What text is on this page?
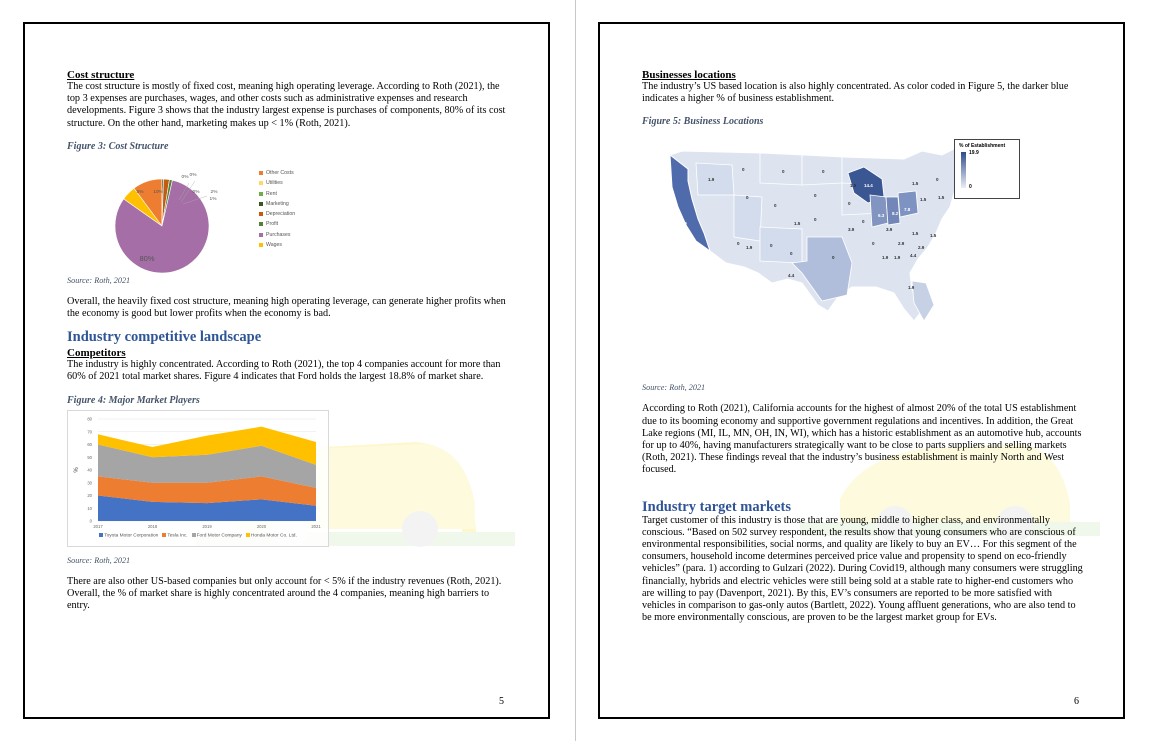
Cost structure

The cost structure is mostly of fixed cost, meaning high operating leverage. According to Roth (2021), the top 3 expenses are purchases, wages, and other costs such as administrative expenses and research developments. Figure 3 shows that the industry largest expense is purchases of components, 80% of its cost structure. On the other hand, marketing makes up < 1% (Roth, 2021).

Figure 3: Cost Structure

5% 10%
0% 0%
0% 2%
1%
80%
Other Costs
Utilities
Rent
Marketing
Depreciation
Profit
Purchases
Wages

Source: Roth, 2021

Overall, the heavily fixed cost structure, meaning high operating leverage, can generate higher profits when the economy is good but lower profits when the economy is bad.

Industry competitive landscape

Competitors

The industry is highly concentrated. According to Roth (2021), the top 4 companies account for more than 60% of 2021 total market shares. Figure 4 indicates that Ford holds the largest 18.8% of market share.

Figure 4: Major Market Players

0
10
20
30
40
50
60
70
80
%
2017	2018	2019	2020	2021
Toyota Motor Corporation	Tesla Inc.	Ford Motor Company	Honda Motor Co. Ltd.

Source: Roth, 2021

There are also other US-based companies but only account for < 5% if the industry revenues (Roth, 2021). Overall, the % of market share is highly concentrated around the 4 companies, meaning high barriers to entry.

5

Businesses locations

The industry’s US based location is also highly concentrated. As color coded in Figure 5, the darker blue indicates a higher % of business establishment.

Figure 5: Business Locations

19.9
1.9
0
0
0
0
0
0
0
0
1.5
0
1.9
0
4.4
0
0
0
0
1.5 14.4	1.5
1.5
6.3 8.2
7.8
3.9	3.9
1.5
2.9
1.9 1.9 4.4
2.9
1.5
1.5
1.9
0
% of Establishment
19.9
0

Source: Roth, 2021

According to Roth (2021), California accounts for the highest of almost 20% of the total US establishment due to its booming economy and supportive government regulations and incentives. In addition, the Great Lake regions (MI, IL, MN, OH, IN, WI), which has a historic establishment as an automotive hub, accounts for up to 40%, having manufacturers strategically want to be close to parts suppliers and selling markets (Roth, 2021). These findings reveal that the industry’s business establishment is mainly North and West focused.

Industry target markets

Target customer of this industry is those that are young, middle to higher class, and environmentally conscious. “Based on 502 survey respondent, the results show that young consumers who are conscious of environmental responsibilities, social norms, and quality are likely to buy an EV… For this segment of the consumers, household income determines perceived price value and propensity to spend on eco-friendly vehicles” (para. 1) according to Gulzari (2022). During Covid19, although many consumers were struggling financially, hybrids and electric vehicles were still being sold at a stable rate to higher-end customers who are willing to pay (Davenport, 2021). By this, EV’s consumers are reported to be more satisfied with vehicles in comparison to gas-only autos (Bartlett, 2022). Young affluent generations, who are also tend to be more environmentally conscious, are proven to be the largest market group for EVs.

6
